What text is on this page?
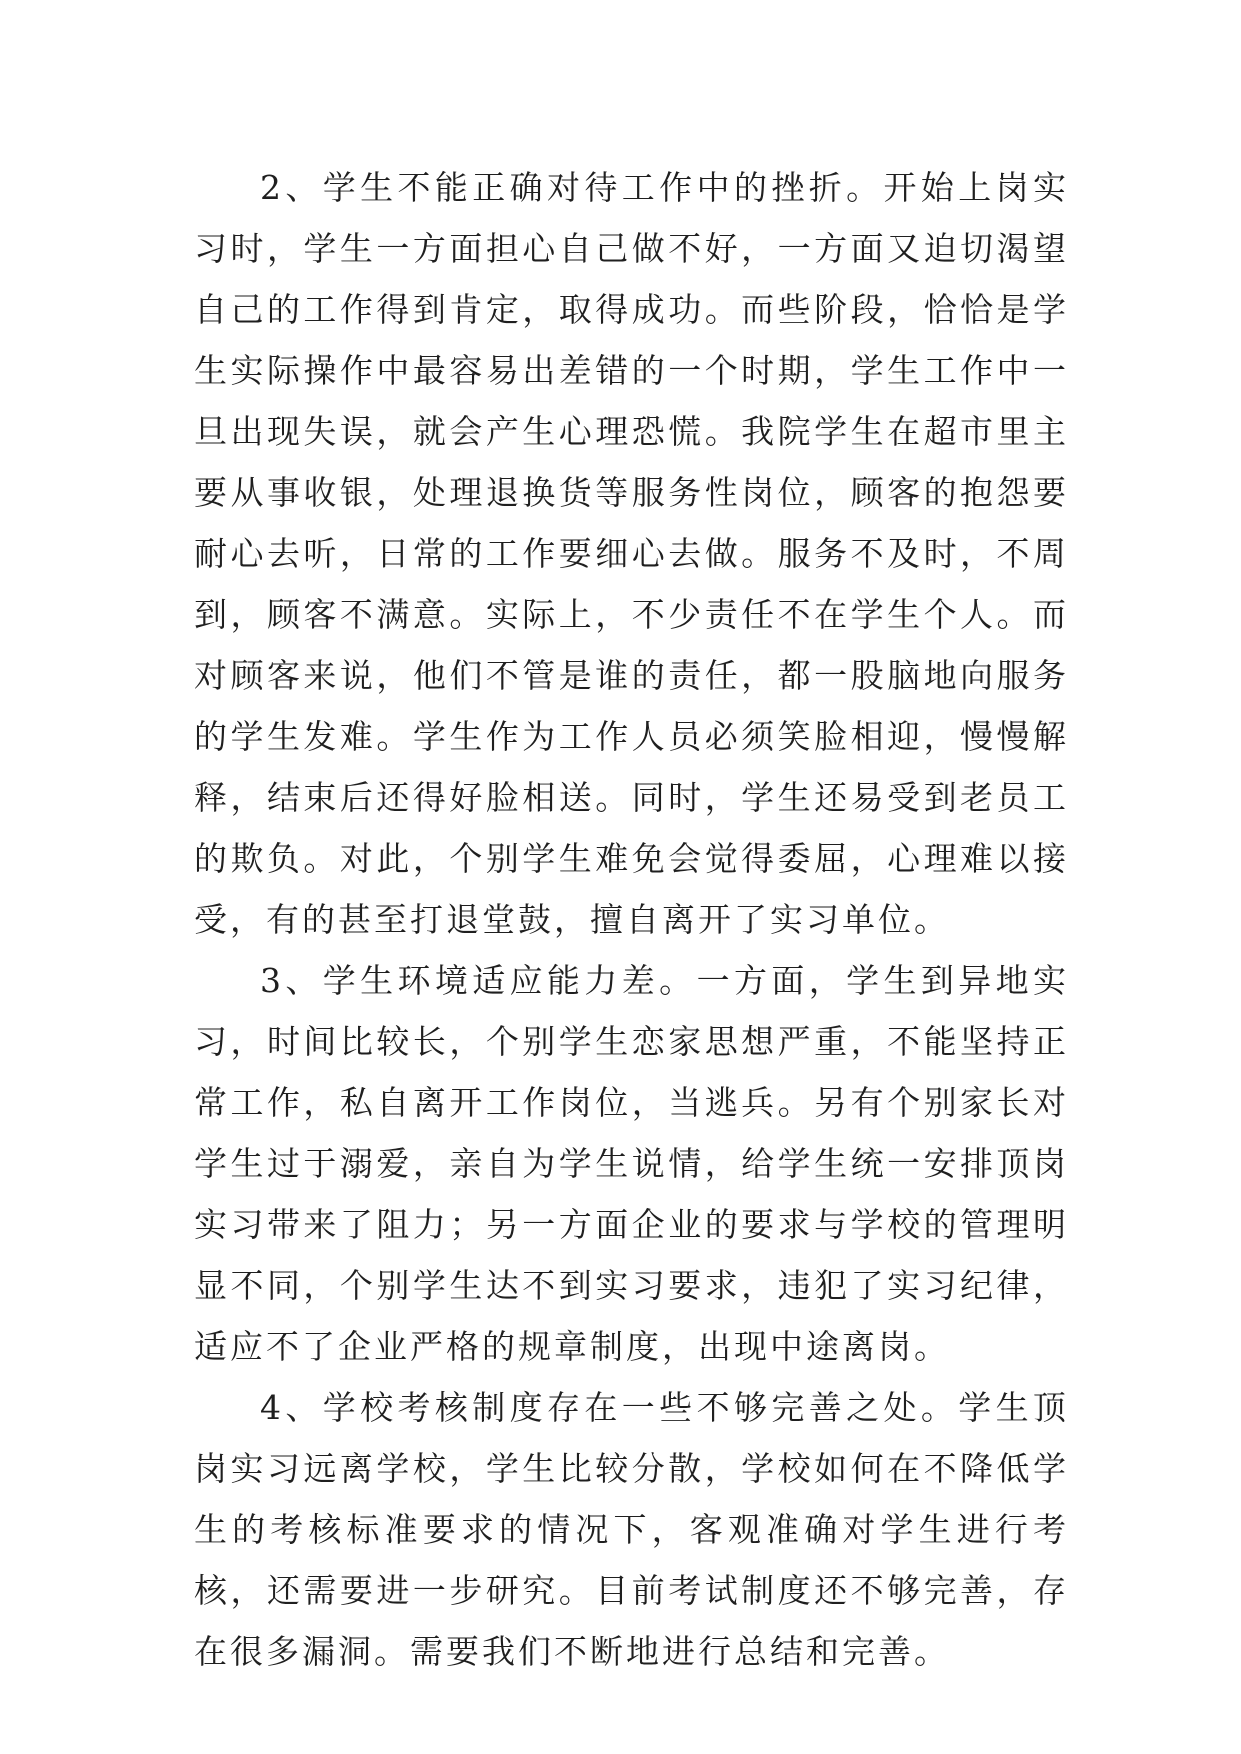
2、学生不能正确对待工作中的挫折。开始上岗实习时，学生一方面担心自己做不好，一方面又迫切渴望自己的工作得到肯定，取得成功。而些阶段，恰恰是学生实际操作中最容易出差错的一个时期，学生工作中一旦出现失误，就会产生心理恐慌。我院学生在超市里主要从事收银，处理退换货等服务性岗位，顾客的抱怨要耐心去听，日常的工作要细心去做。服务不及时，不周到，顾客不满意。实际上，不少责任不在学生个人。而对顾客来说，他们不管是谁的责任，都一股脑地向服务的学生发难。学生作为工作人员必须笑脸相迎，慢慢解释，结束后还得好脸相送。同时，学生还易受到老员工的欺负。对此，个别学生难免会觉得委屈，心理难以接受，有的甚至打退堂鼓，擅自离开了实习单位。

3、学生环境适应能力差。一方面，学生到异地实习，时间比较长，个别学生恋家思想严重，不能坚持正常工作，私自离开工作岗位，当逃兵。另有个别家长对学生过于溺爱，亲自为学生说情，给学生统一安排顶岗实习带来了阻力；另一方面企业的要求与学校的管理明显不同，个别学生达不到实习要求，违犯了实习纪律，适应不了企业严格的规章制度，出现中途离岗。

4、学校考核制度存在一些不够完善之处。学生顶岗实习远离学校，学生比较分散，学校如何在不降低学生的考核标准要求的情况下，客观准确对学生进行考核，还需要进一步研究。目前考试制度还不够完善，存在很多漏洞。需要我们不断地进行总结和完善。
